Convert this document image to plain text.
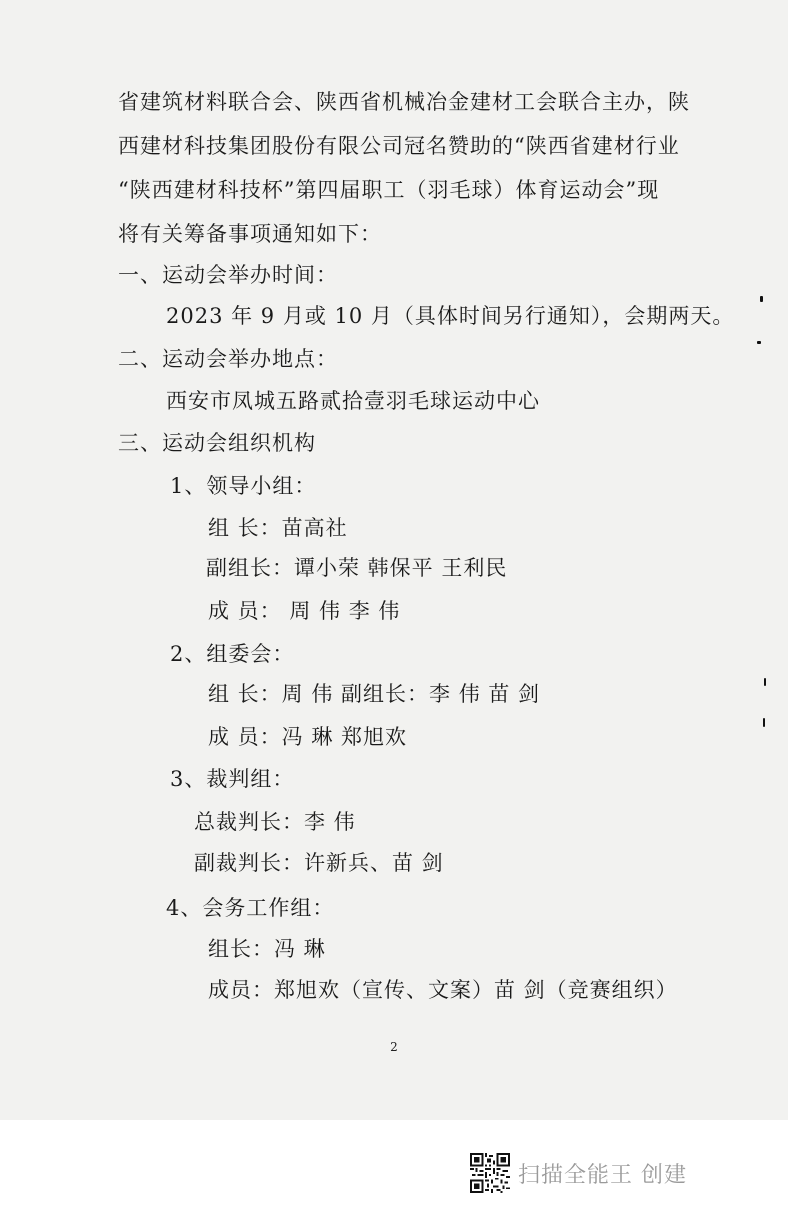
省建筑材料联合会、陕西省机械冶金建材工会联合主办，陕
西建材科技集团股份有限公司冠名赞助的“陕西省建材行业
“陕西建材科技杯”第四届职工（羽毛球）体育运动会”现
将有关筹备事项通知如下：
一、运动会举办时间：
2023 年 9 月或 10 月（具体时间另行通知），会期两天。
二、运动会举办地点：
西安市凤城五路贰拾壹羽毛球运动中心
三、运动会组织机构
1、领导小组：
组 长：苗高社
副组长：谭小荣 韩保平 王利民
成 员： 周 伟 李 伟
2、组委会：
组 长：周 伟 副组长：李 伟 苗 剑
成 员：冯 琳 郑旭欢
3、裁判组：
总裁判长：李 伟
副裁判长：许新兵、苗 剑
4、会务工作组：
组长：冯 琳
成员：郑旭欢（宣传、文案）苗 剑（竞赛组织）
2
扫描全能王 创建
